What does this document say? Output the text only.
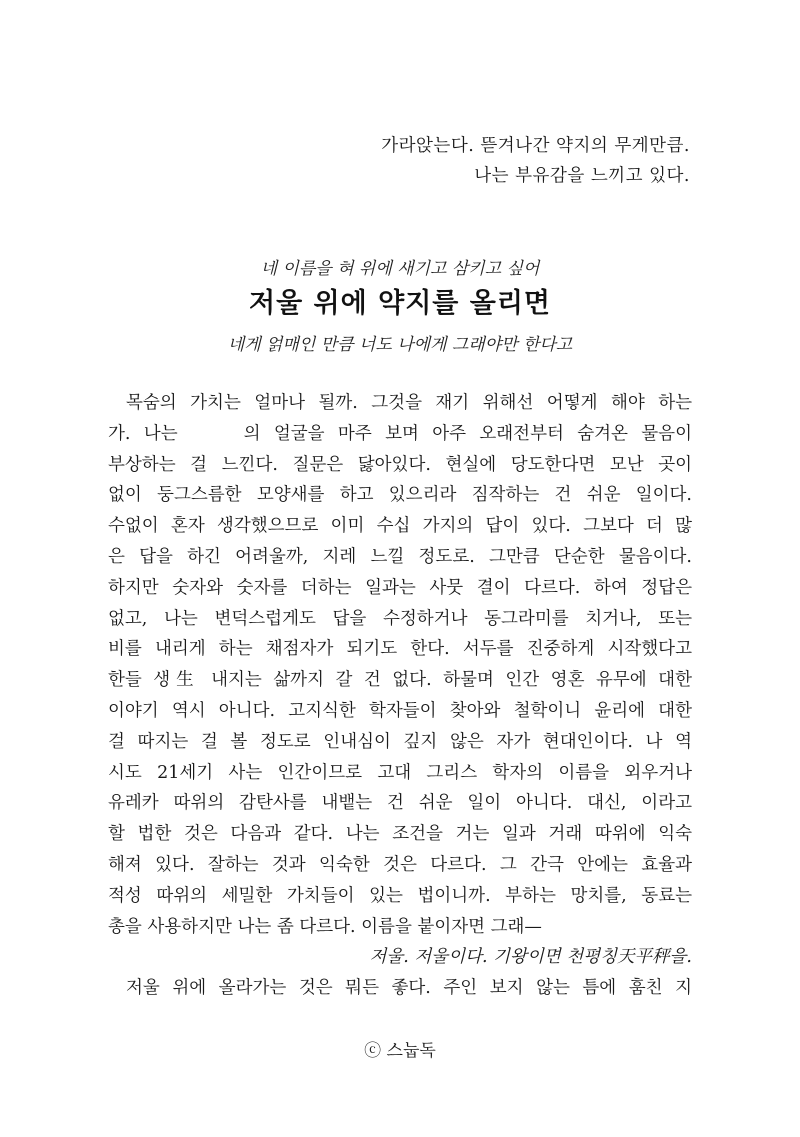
가라앉는다. 뜯겨나간 약지의 무게만큼.
나는 부유감을 느끼고 있다.
네 이름을 혀 위에 새기고 삼키고 싶어
저울 위에 약지를 올리면
네게 얽매인 만큼 너도 나에게 그래야만 한다고
목숨의 가치는 얼마나 될까. 그것을 재기 위해선 어떻게 해야 하는
가. 나는	의 얼굴을 마주 보며 아주 오래전부터 숨겨온 물음이
부상하는 걸 느낀다. 질문은 닳아있다. 현실에 당도한다면 모난 곳이
없이 둥그스름한 모양새를 하고 있으리라 짐작하는 건 쉬운 일이다.
수없이 혼자 생각했으므로 이미 수십 가지의 답이 있다. 그보다 더 많
은 답을 하긴 어려울까, 지레 느낄 정도로. 그만큼 단순한 물음이다.
하지만 숫자와 숫자를 더하는 일과는 사뭇 결이 다르다. 하여 정답은
없고, 나는 변덕스럽게도 답을 수정하거나 동그라미를 치거나, 또는
비를 내리게 하는 채점자가 되기도 한다. 서두를 진중하게 시작했다고
한들 생生 내지는 삶까지 갈 건 없다. 하물며 인간 영혼 유무에 대한
이야기 역시 아니다. 고지식한 학자들이 찾아와 철학이니 윤리에 대한
걸 따지는 걸 볼 정도로 인내심이 깊지 않은 자가 현대인이다. 나 역
시도 21세기 사는 인간이므로 고대 그리스 학자의 이름을 외우거나
유레카 따위의 감탄사를 내뱉는 건 쉬운 일이 아니다. 대신, 이라고
할 법한 것은 다음과 같다. 나는 조건을 거는 일과 거래 따위에 익숙
해져 있다. 잘하는 것과 익숙한 것은 다르다. 그 간극 안에는 효율과
적성 따위의 세밀한 가치들이 있는 법이니까. 부하는 망치를, 동료는
총을 사용하지만 나는 좀 다르다. 이름을 붙이자면 그래—
저울. 저울이다. 기왕이면 천평칭天平秤을.
저울 위에 올라가는 것은 뭐든 좋다. 주인 보지 않는 틈에 훔친 지
ⓒ 스눕독
